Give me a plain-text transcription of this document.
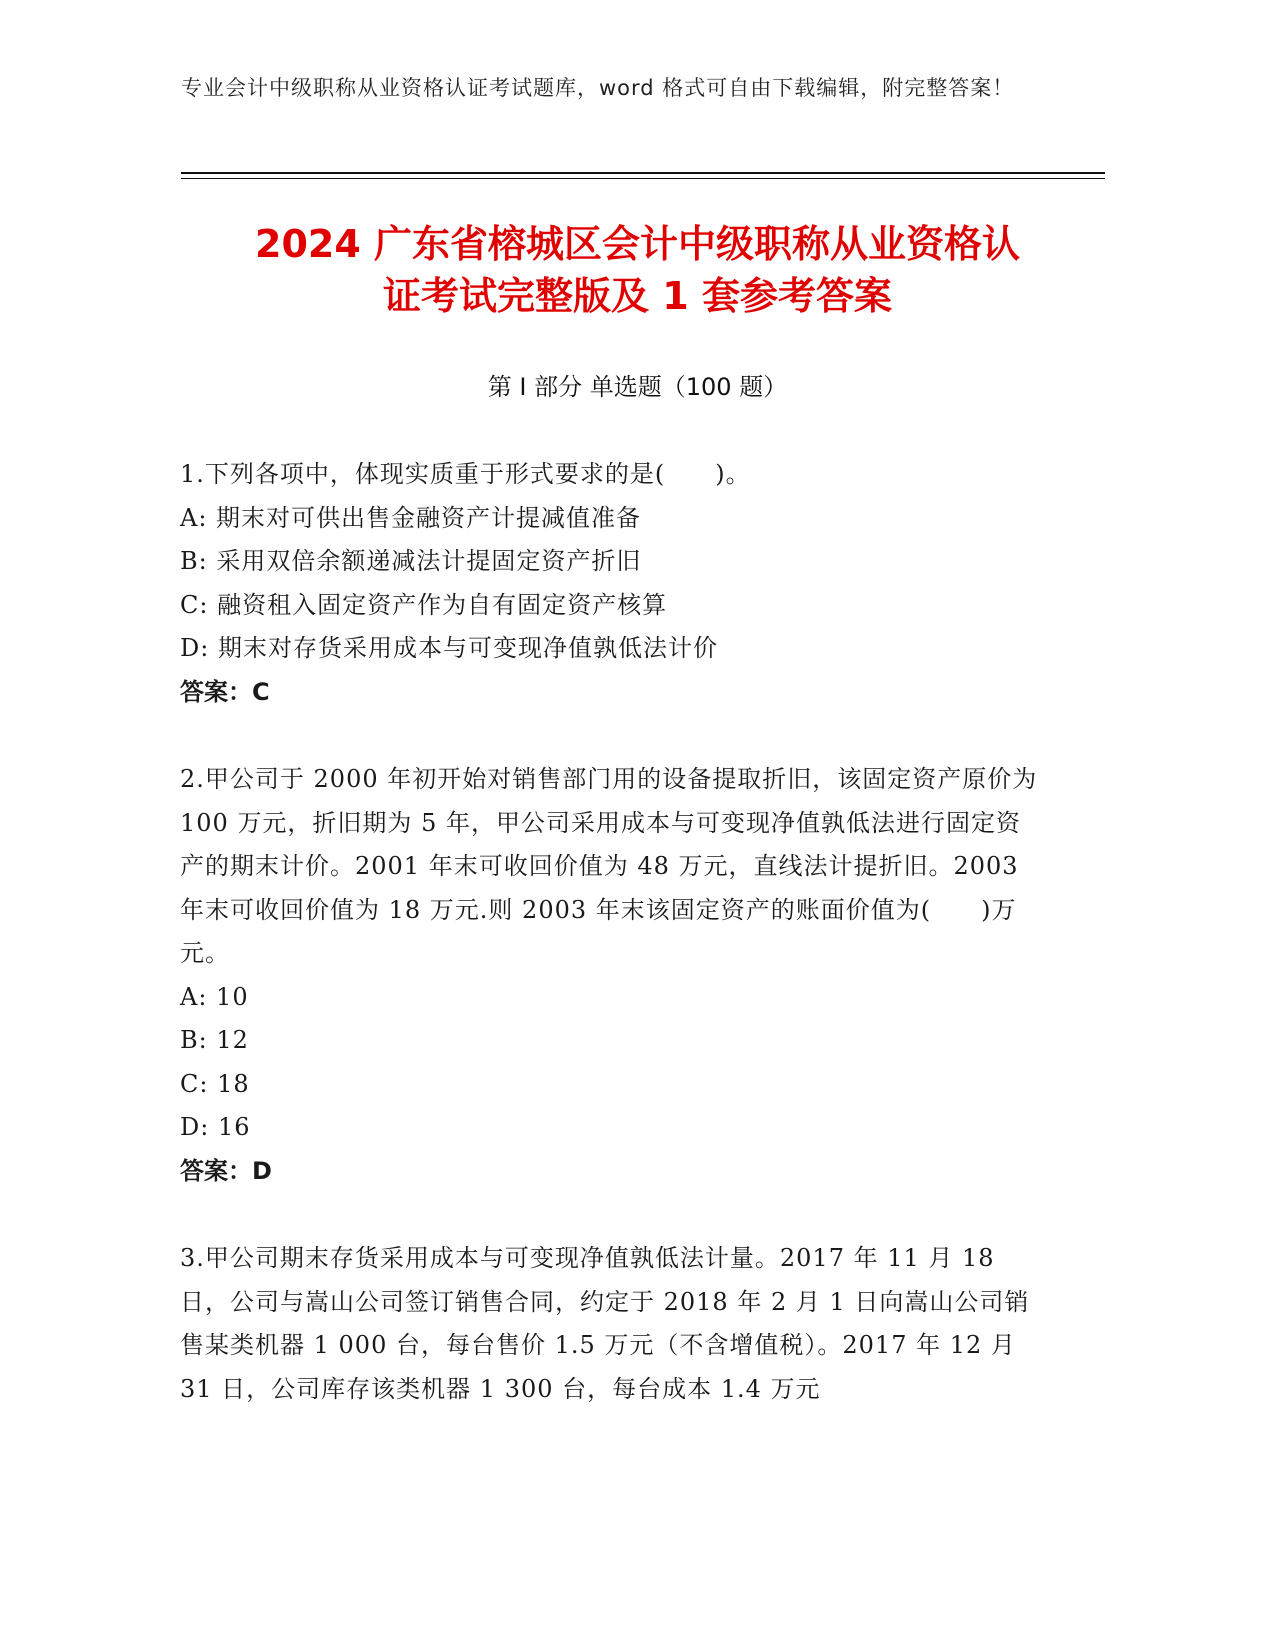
专业会计中级职称从业资格认证考试题库，word 格式可自由下载编辑，附完整答案！
2024 广东省榕城区会计中级职称从业资格认
证考试完整版及 1 套参考答案
第 I 部分 单选题（100 题）
1.下列各项中，体现实质重于形式要求的是(　　)。
A: 期末对可供出售金融资产计提减值准备
B: 采用双倍余额递减法计提固定资产折旧
C: 融资租入固定资产作为自有固定资产核算
D: 期末对存货采用成本与可变现净值孰低法计价
答案：C
2.甲公司于 2000 年初开始对销售部门用的设备提取折旧，该固定资产原价为 100 万元，折旧期为 5 年，甲公司采用成本与可变现净值孰低法进行固定资产的期末计价。2001 年末可收回价值为 48 万元，直线法计提折旧。2003 年末可收回价值为 18 万元.则 2003 年末该固定资产的账面价值为(　　)万元。
A: 10
B: 12
C: 18
D: 16
答案：D
3.甲公司期末存货采用成本与可变现净值孰低法计量。2017 年 11 月 18 日，公司与嵩山公司签订销售合同，约定于 2018 年 2 月 1 日向嵩山公司销售某类机器 1 000 台，每台售价 1.5 万元（不含增值税）。2017 年 12 月 31 日，公司库存该类机器 1 300 台，每台成本 1.4 万元
